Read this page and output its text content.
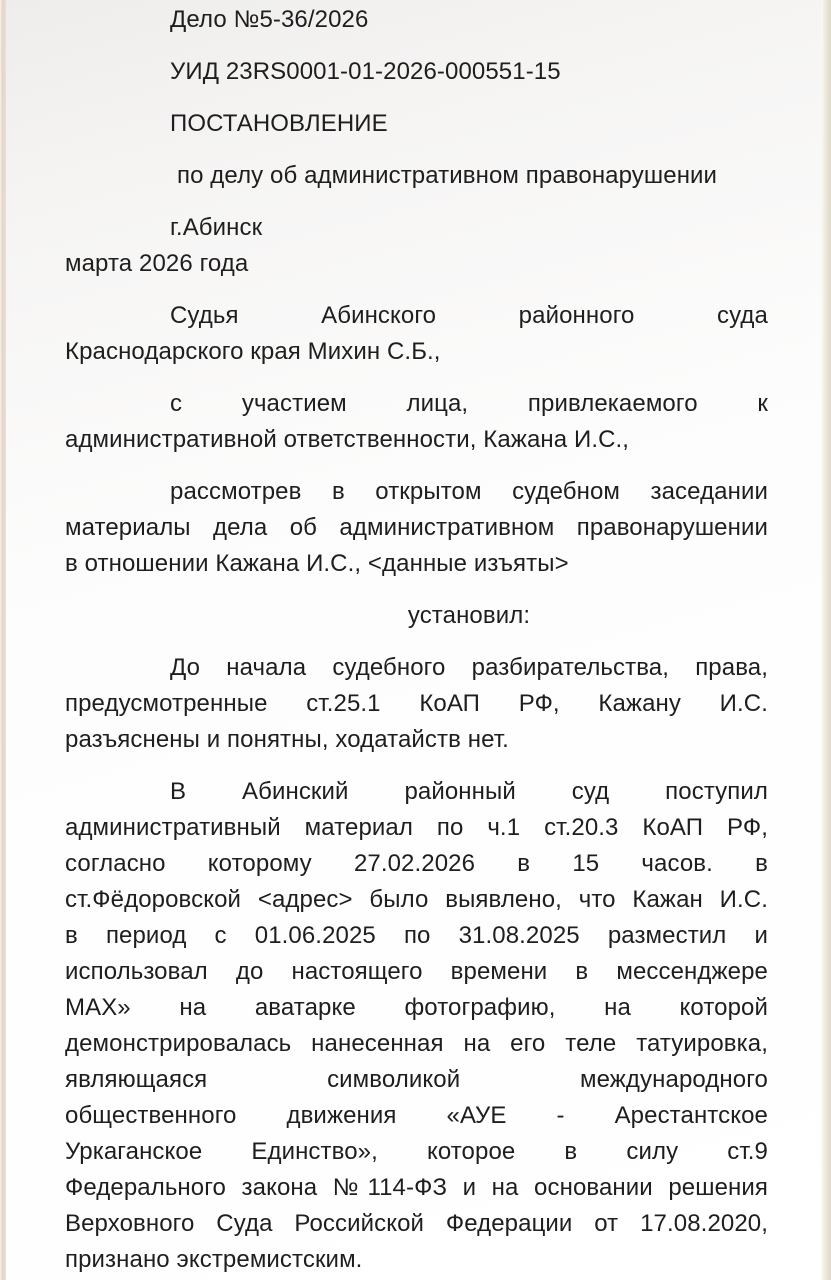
Дело №5-36/2026
УИД 23RS0001-01-2026-000551-15
ПОСТАНОВЛЕНИЕ
по делу об административном правонарушении
г.Абинск
марта 2026 года
Судья Абинского районного суда
Краснодарского края Михин С.Б.,
с участием лица, привлекаемого к
административной ответственности, Кажана И.С.,
рассмотрев в открытом судебном заседании
материалы дела об административном правонарушении
в отношении Кажана И.С., <данные изъяты>
установил:
До начала судебного разбирательства, права,
предусмотренные ст.25.1 КоАП РФ, Кажану И.С.
разъяснены и понятны, ходатайств нет.
В Абинский районный суд поступил
административный материал по ч.1 ст.20.3 КоАП РФ,
согласно которому 27.02.2026 в 15 часов. в
ст.Фёдоровской <адрес> было выявлено, что Кажан И.С.
в период с 01.06.2025 по 31.08.2025 разместил и
использовал до настоящего времени в мессенджере
МАХ» на аватарке фотографию, на которой
демонстрировалась нанесенная на его теле татуировка,
являющаяся символикой международного
общественного движения «АУЕ - Арестантское
Уркаганское Единство», которое в силу ст.9
Федерального закона №114-ФЗ и на основании решения
Верховного Суда Российской Федерации от 17.08.2020,
признано экстремистским.
